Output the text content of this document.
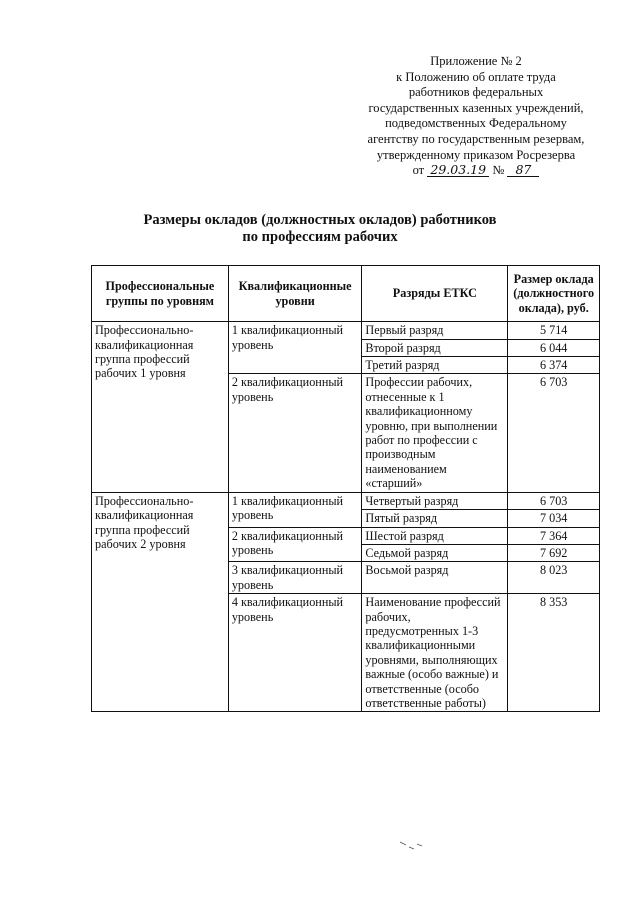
Приложение № 2
к Положению об оплате труда
работников федеральных
государственных казенных учреждений,
подведомственных Федеральному
агентству по государственным резервам,
утвержденному приказом Росрезерва
от 29.03.19 № 87
Размеры окладов (должностных окладов) работников
по профессиям рабочих
Профессиональные группы по уровням	Квалификационные уровни	Разряды ЕТКС	Размер оклада (должностного оклада), руб.
Профессионально-квалификационная группа профессий рабочих 1 уровня	1 квалификационный уровень	Первый разряд	5 714
		Второй разряд	6 044
		Третий разряд	6 374
	2 квалификационный уровень	Профессии рабочих, отнесенные к 1 квалификационному уровню, при выполнении работ по профессии с производным наименованием «старший»	6 703
Профессионально-квалификационная группа профессий рабочих 2 уровня	1 квалификационный уровень	Четвертый разряд	6 703
		Пятый разряд	7 034
	2 квалификационный уровень	Шестой разряд	7 364
		Седьмой разряд	7 692
	3 квалификационный уровень	Восьмой разряд	8 023
	4 квалификационный уровень	Наименование профессий рабочих, предусмотренных 1-3 квалификационными уровнями, выполняющих важные (особо важные) и ответственные (особо ответственные работы)	8 353
